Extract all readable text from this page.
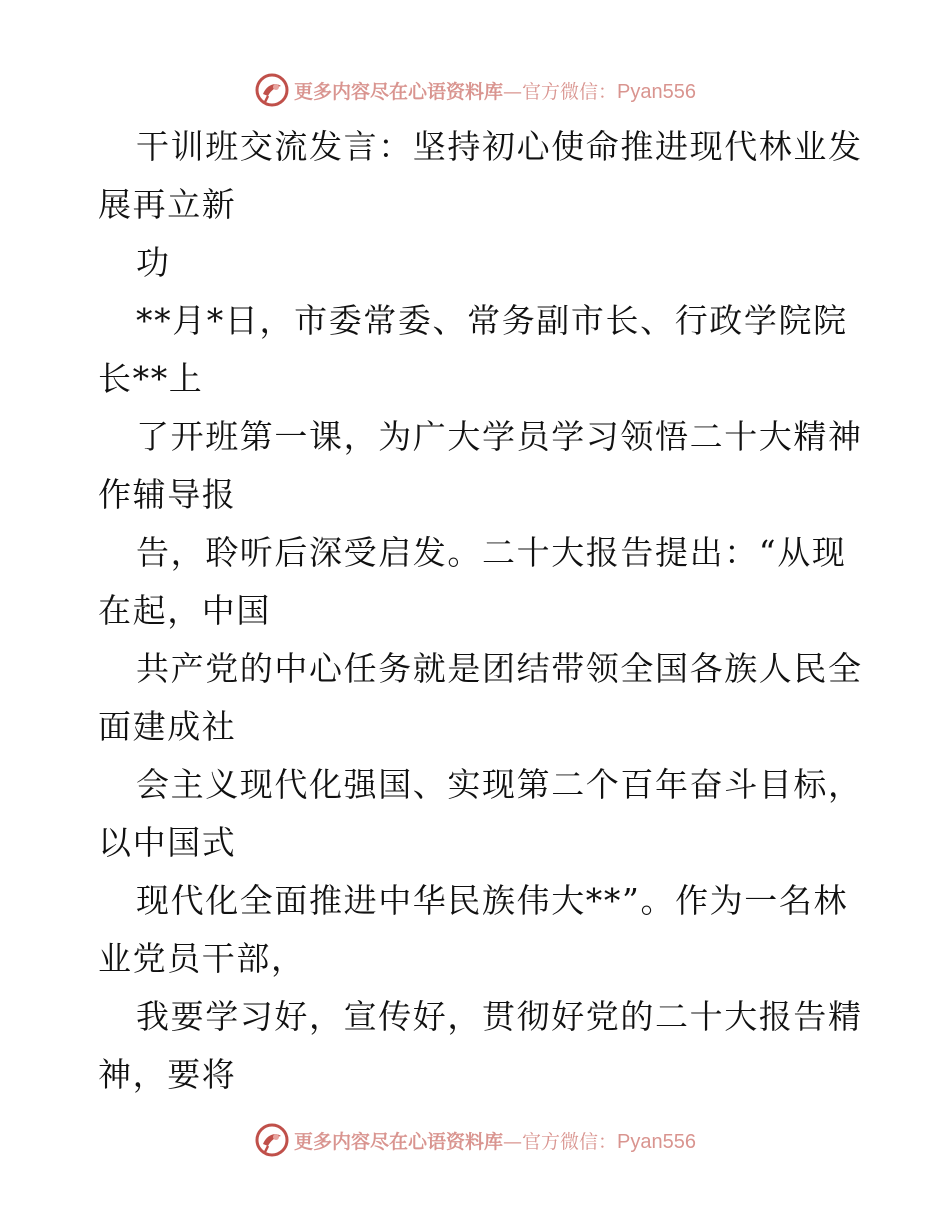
更多内容尽在心语资料库 — 官方微信： Pyan556
干训班交流发言：坚持初心使命推进现代林业发
展再立新
功
**月*日，市委常委、常务副市长、行政学院院
长**上
了开班第一课，为广大学员学习领悟二十大精神
作辅导报
告，聆听后深受启发。二十大报告提出：“从现
在起，中国
共产党的中心任务就是团结带领全国各族人民全
面建成社
会主义现代化强国、实现第二个百年奋斗目标，
以中国式
现代化全面推进中华民族伟大**”。作为一名林
业党员干部，
我要学习好，宣传好，贯彻好党的二十大报告精
神，要将
更多内容尽在心语资料库 — 官方微信： Pyan556
